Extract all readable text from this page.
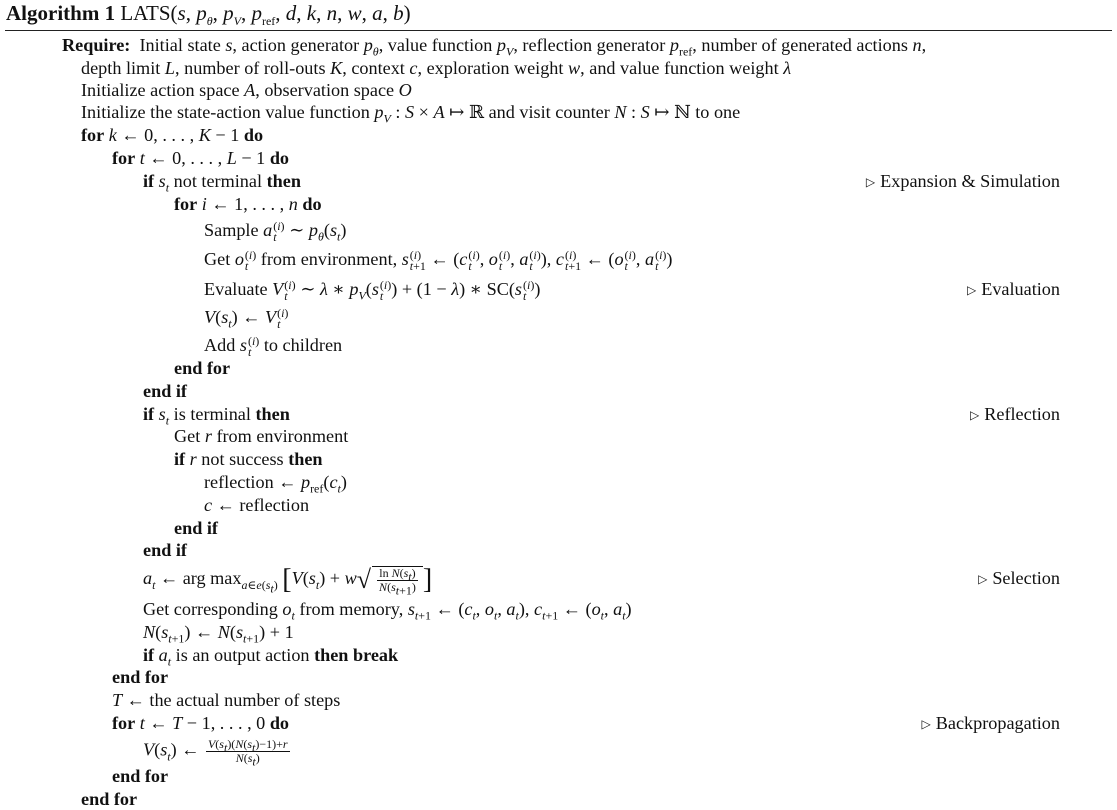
Algorithm 1 LATS(s, $p_\theta$, $p_V$, $p_{ref}$, d, k, n, w, a, b)
Require:  Initial state s, action generator $p_\theta$, value function $p_V$, reflection generator $p_{ref}$, number of generated actions n,
depth limit L, number of roll-outs K, context c, exploration weight w, and value function weight λ
Initialize action space A, observation space O
Initialize the state-action value function $p_V$ : S × A ↦ ℝ and visit counter N : S ↦ ℕ to one
for k ← 0, . . . , K − 1 do
for t ← 0, . . . , L − 1 do
if $s_t$ not terminal then	▷ Expansion & Simulation
for i ← 1, . . . , n do
Sample a (i)
t ∼ $p_\theta(s_t)$
Get o (i)
t from environment, s (i)
t+1 ← (c (i)
t , o (i)
t , a (i)
t ), c (i)
t+1 ← (o (i)
t , a (i)
t )
Evaluate V (i)
t ∼ λ ∗ $p_V(s$ (i)
t ) + (1 − λ) ∗ SC(s (i)
t )	▷ Evaluation
$V(s_t)$ ← V (i)
t
Add s (i)
t to children
end for
end if
if $s_t$ is terminal then	▷ Reflection
Get r from environment
if r not success then
reflection ← $p_{ref}(c_t)$
c ← reflection
end if
end if
$a_t$ ← arg $\max_{a\in e(s_t)} [V(s_t) + w√ \frac{\ln N(s_t)}{N(s_{t+1})}$ ]	▷ Selection
Get corresponding $o_t$ from memory, $s_{t+1}$ ← ($c_t$, $o_t$, $a_t$), $c_{t+1}$ ← ($o_t$, $a_t$)
$N(s_{t+1})$ ← $N(s_{t+1}) + 1$
if $a_t$ is an output action then break
end for
T ← the actual number of steps
for t ← T − 1, . . . , 0 do	▷ Backpropagation
$V(s_t)$ ← $\frac{V(s_t)(N(s_t)-1)+r}{N(s_t)}$
end for
end for
